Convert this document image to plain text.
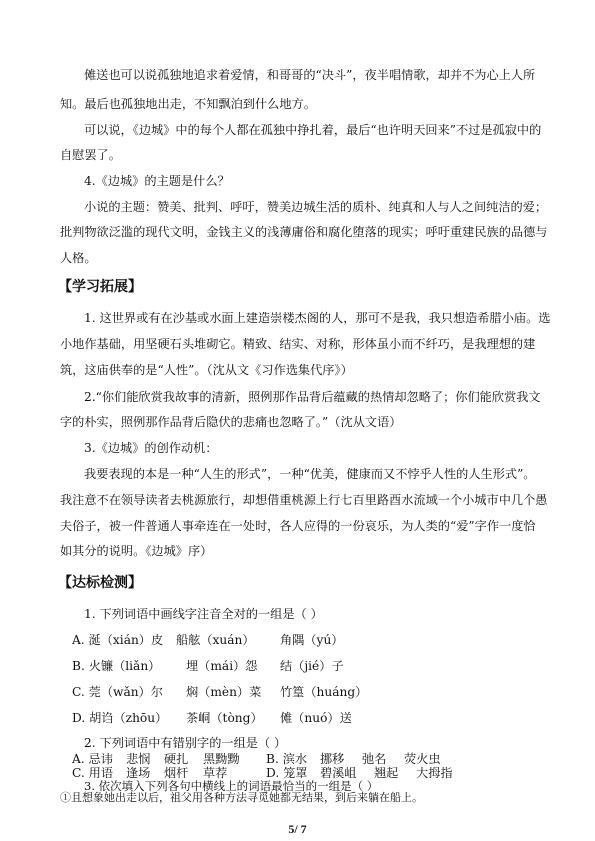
傩送也可以说孤独地追求着爱情，和哥哥的“决斗”，夜半唱情歌，却并不为心上人所
知。最后也孤独地出走，不知飘泊到什么地方。
可以说，《边城》中的每个人都在孤独中挣扎着，最后“也许明天回来”不过是孤寂中的
自慰罢了。
4.《边城》的主题是什么？
小说的主题：赞美、批判、呼吁，赞美边城生活的质朴、纯真和人与人之间纯洁的爱；
批判物欲泛滥的现代文明，金钱主义的浅薄庸俗和腐化堕落的现实；呼吁重建民族的品德与
人格。
【学习拓展】
1. 这世界或有在沙基或水面上建造崇楼杰阁的人，那可不是我，我只想造希腊小庙。选
小地作基础，用坚硬石头堆砌它。精致、结实、对称，形体虽小而不纤巧，是我理想的建
筑，这庙供奉的是“人性”。（沈从文《习作选集代序》）
2.“你们能欣赏我故事的清新，照例那作品背后蕴藏的热情却忽略了；你们能欣赏我文
字的朴实，照例那作品背后隐伏的悲痛也忽略了。”（沈从文语）
3.《边城》的创作动机：
我要表现的本是一种“人生的形式”，一种“优美，健康而又不悖乎人性的人生形式”。
我注意不在领导读者去桃源旅行，却想借重桃源上行七百里路酉水流域一个小城市中几个愚
夫俗子，被一件普通人事牵连在一处时，各人应得的一份哀乐，为人类的“爱”字作一度恰
如其分的说明。《边城》序）
【达标检测】
1. 下列词语中画线字注音全对的一组是（ ）
A. 涎（xián）皮 船舷（xuán） 角隅（yú）
B. 火镰（liǎn） 埋（mái）怨 结（jié）子
C. 莞（wǎn）尔 焖（mèn）菜 竹篁（huáng）
D. 胡诌（zhōu） 茶峒（tòng） 傩（nuó）送
2. 下列词语中有错别字的一组是（ ）
A. 忌讳 悲悯 硬扎 黑黝黝 B. 滨水 挪移 弛名 荧火虫
C. 用语 逢场 烟杆 草荐	D. 笼罩 碧溪岨 翘起 大拇指
3. 依次填入下列各句中横线上的词语最恰当的一组是（ ）
①且想象她出走以后，祖父用各种方法寻觅她都无结果，到后来躺在船上。
5/ 7
